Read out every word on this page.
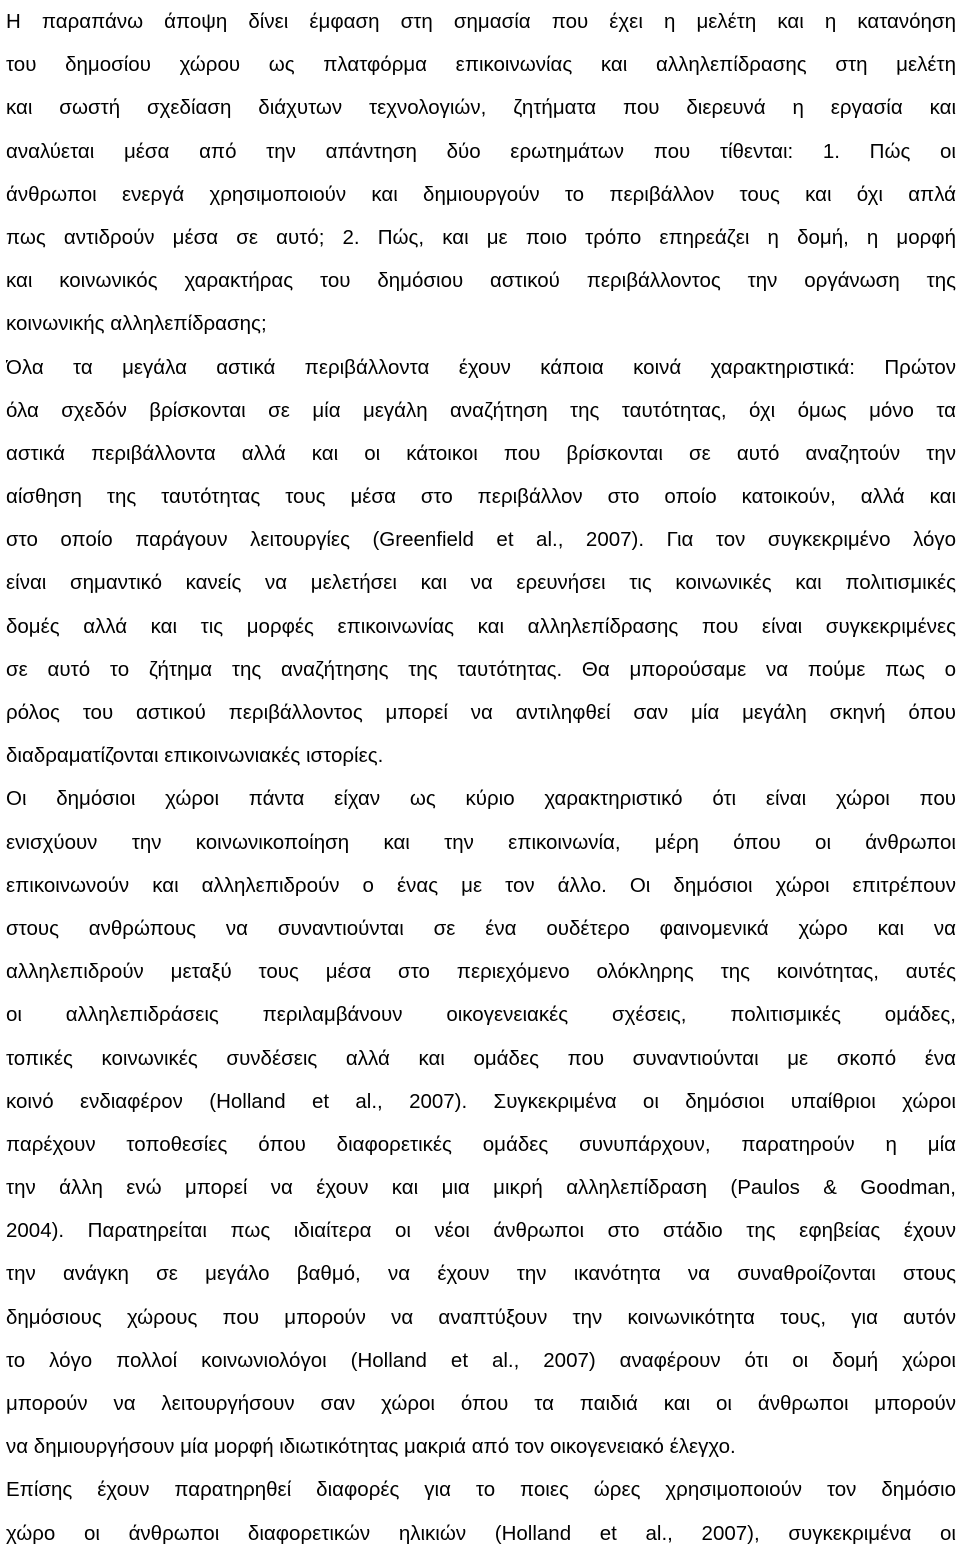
Η παραπάνω άποψη δίνει έμφαση στη σημασία που έχει η μελέτη και η κατανόηση
του δημοσίου χώρου ως πλατφόρμα επικοινωνίας και αλληλεπίδρασης στη μελέτη
και σωστή σχεδίαση διάχυτων τεχνολογιών, ζητήματα που διερευνά η εργασία και
αναλύεται μέσα από την απάντηση δύο ερωτημάτων που τίθενται: 1. Πώς οι
άνθρωποι ενεργά χρησιμοποιούν και δημιουργούν το περιβάλλον τους και όχι απλά
πως αντιδρούν μέσα σε αυτό; 2. Πώς, και με ποιο τρόπο επηρεάζει η δομή, η μορφή
και κοινωνικός χαρακτήρας του δημόσιου αστικού περιβάλλοντος την οργάνωση της
κοινωνικής αλληλεπίδρασης;
Όλα τα μεγάλα αστικά περιβάλλοντα έχουν κάποια κοινά χαρακτηριστικά: Πρώτον
όλα σχεδόν βρίσκονται σε μία μεγάλη αναζήτηση της ταυτότητας, όχι όμως μόνο τα
αστικά περιβάλλοντα αλλά και οι κάτοικοι που βρίσκονται σε αυτό αναζητούν την
αίσθηση της ταυτότητας τους μέσα στο περιβάλλον στο οποίο κατοικούν, αλλά και
στο οποίο παράγουν λειτουργίες (Greenfield et al., 2007). Για τον συγκεκριμένο λόγο
είναι σημαντικό κανείς να μελετήσει και να ερευνήσει τις κοινωνικές και πολιτισμικές
δομές αλλά και τις μορφές επικοινωνίας και αλληλεπίδρασης που είναι συγκεκριμένες
σε αυτό το ζήτημα της αναζήτησης της ταυτότητας. Θα μπορούσαμε να πούμε πως ο
ρόλος του αστικού περιβάλλοντος μπορεί να αντιληφθεί σαν μία μεγάλη σκηνή όπου
διαδραματίζονται επικοινωνιακές ιστορίες.
Οι δημόσιοι χώροι πάντα είχαν ως κύριο χαρακτηριστικό ότι είναι χώροι που
ενισχύουν την κοινωνικοποίηση και την επικοινωνία, μέρη όπου οι άνθρωποι
επικοινωνούν και αλληλεπιδρούν ο ένας με τον άλλο. Οι δημόσιοι χώροι επιτρέπουν
στους ανθρώπους να συναντιούνται σε ένα ουδέτερο φαινομενικά χώρο και να
αλληλεπιδρούν μεταξύ τους μέσα στο περιεχόμενο ολόκληρης της κοινότητας, αυτές
οι αλληλεπιδράσεις περιλαμβάνουν οικογενειακές σχέσεις, πολιτισμικές ομάδες,
τοπικές κοινωνικές συνδέσεις αλλά και ομάδες που συναντιούνται με σκοπό ένα
κοινό ενδιαφέρον (Holland et al., 2007). Συγκεκριμένα οι δημόσιοι υπαίθριοι χώροι
παρέχουν τοποθεσίες όπου διαφορετικές ομάδες συνυπάρχουν, παρατηρούν η μία
την άλλη ενώ μπορεί να έχουν και μια μικρή αλληλεπίδραση (Paulos & Goodman,
2004). Παρατηρείται πως ιδιαίτερα οι νέοι άνθρωποι στο στάδιο της εφηβείας έχουν
την ανάγκη σε μεγάλο βαθμό, να έχουν την ικανότητα να συναθροίζονται στους
δημόσιους χώρους που μπορούν να αναπτύξουν την κοινωνικότητα τους, για αυτόν
το λόγο πολλοί κοινωνιολόγοι (Holland et al., 2007) αναφέρουν ότι οι δομή χώροι
μπορούν να λειτουργήσουν σαν χώροι όπου τα παιδιά και οι άνθρωποι μπορούν
να δημιουργήσουν μία μορφή ιδιωτικότητας μακριά από τον οικογενειακό έλεγχο.
Επίσης έχουν παρατηρηθεί διαφορές για το ποιες ώρες χρησιμοποιούν τον δημόσιο
χώρο οι άνθρωποι διαφορετικών ηλικιών (Holland et al., 2007), συγκεκριμένα οι
